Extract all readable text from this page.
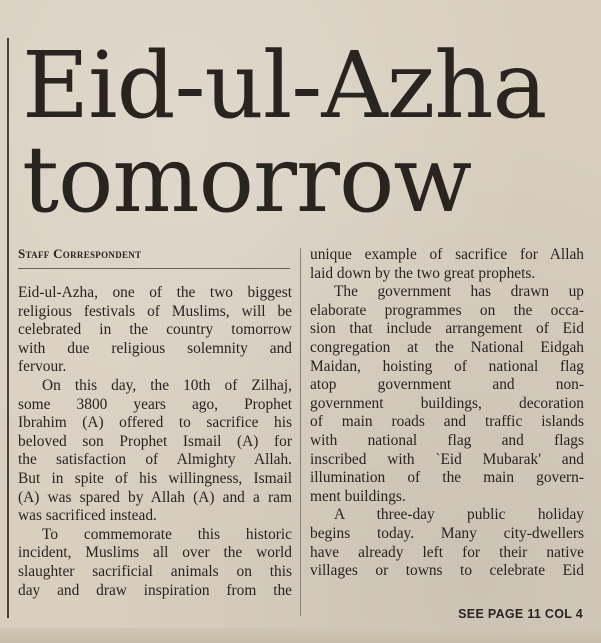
Eid-ul-Azha
tomorrow
Staff Correspondent
Eid-ul-Azha, one of the two biggest
religious festivals of Muslims, will be
celebrated in the country tomorrow
with due religious solemnity and
fervour.
On this day, the 10th of Zilhaj,
some 3800 years ago, Prophet
Ibrahim (A) offered to sacrifice his
beloved son Prophet Ismail (A) for
the satisfaction of Almighty Allah.
But in spite of his willingness, Ismail
(A) was spared by Allah (A) and a ram
was sacrificed instead.
To commemorate this historic
incident, Muslims all over the world
slaughter sacrificial animals on this
day and draw inspiration from the
unique example of sacrifice for Allah
laid down by the two great prophets.
The government has drawn up
elaborate programmes on the occa-
sion that include arrangement of Eid
congregation at the National Eidgah
Maidan, hoisting of national flag
atop government and non-
government buildings, decoration
of main roads and traffic islands
with national flag and flags
inscribed with `Eid Mubarak' and
illumination of the main govern-
ment buildings.
A three-day public holiday
begins today. Many city-dwellers
have already left for their native
villages or towns to celebrate Eid
SEE PAGE 11 COL 4
